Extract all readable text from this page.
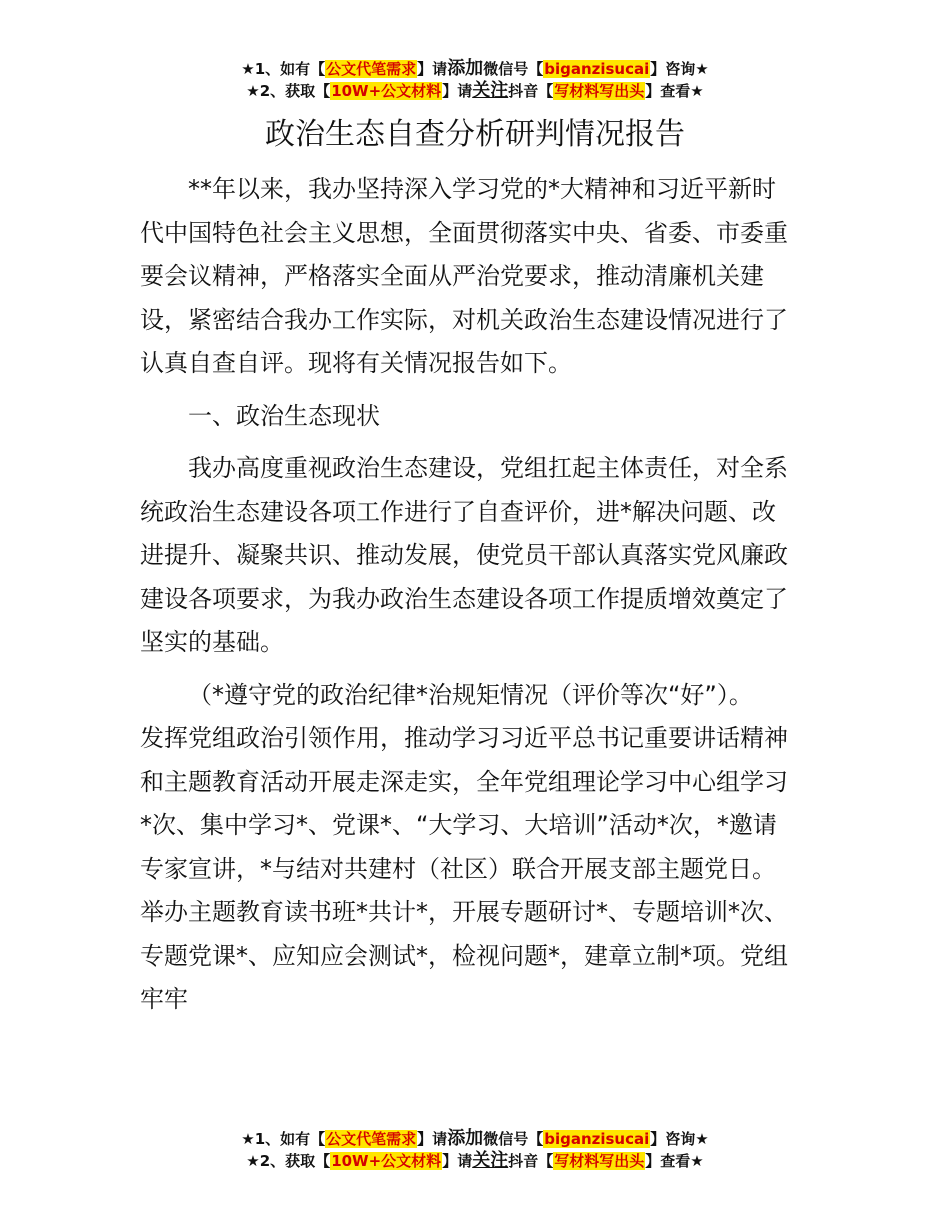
★1、如有【公文代笔需求】请添加微信号【biganzisucai】咨询★
★2、获取【10W+公文材料】请关注抖音【写材料写出头】查看★
政治生态自查分析研判情况报告
**年以来，我办坚持深入学习党的*大精神和习近平新时
代中国特色社会主义思想，全面贯彻落实中央、省委、市委重
要会议精神，严格落实全面从严治党要求，推动清廉机关建
设，紧密结合我办工作实际，对机关政治生态建设情况进行了
认真自查自评。现将有关情况报告如下。
一、政治生态现状
我办高度重视政治生态建设，党组扛起主体责任，对全系
统政治生态建设各项工作进行了自查评价，进*解决问题、改
进提升、凝聚共识、推动发展，使党员干部认真落实党风廉政
建设各项要求，为我办政治生态建设各项工作提质增效奠定了
坚实的基础。
（*遵守党的政治纪律*治规矩情况（评价等次“好”）。
发挥党组政治引领作用，推动学习习近平总书记重要讲话精神
和主题教育活动开展走深走实，全年党组理论学习中心组学习
*次、集中学习*、党课*、“大学习、大培训”活动*次，*邀请
专家宣讲，*与结对共建村（社区）联合开展支部主题党日。
举办主题教育读书班*共计*，开展专题研讨*、专题培训*次、
专题党课*、应知应会测试*，检视问题*，建章立制*项。党组
牢牢
★1、如有【公文代笔需求】请添加微信号【biganzisucai】咨询★
★2、获取【10W+公文材料】请关注抖音【写材料写出头】查看★
